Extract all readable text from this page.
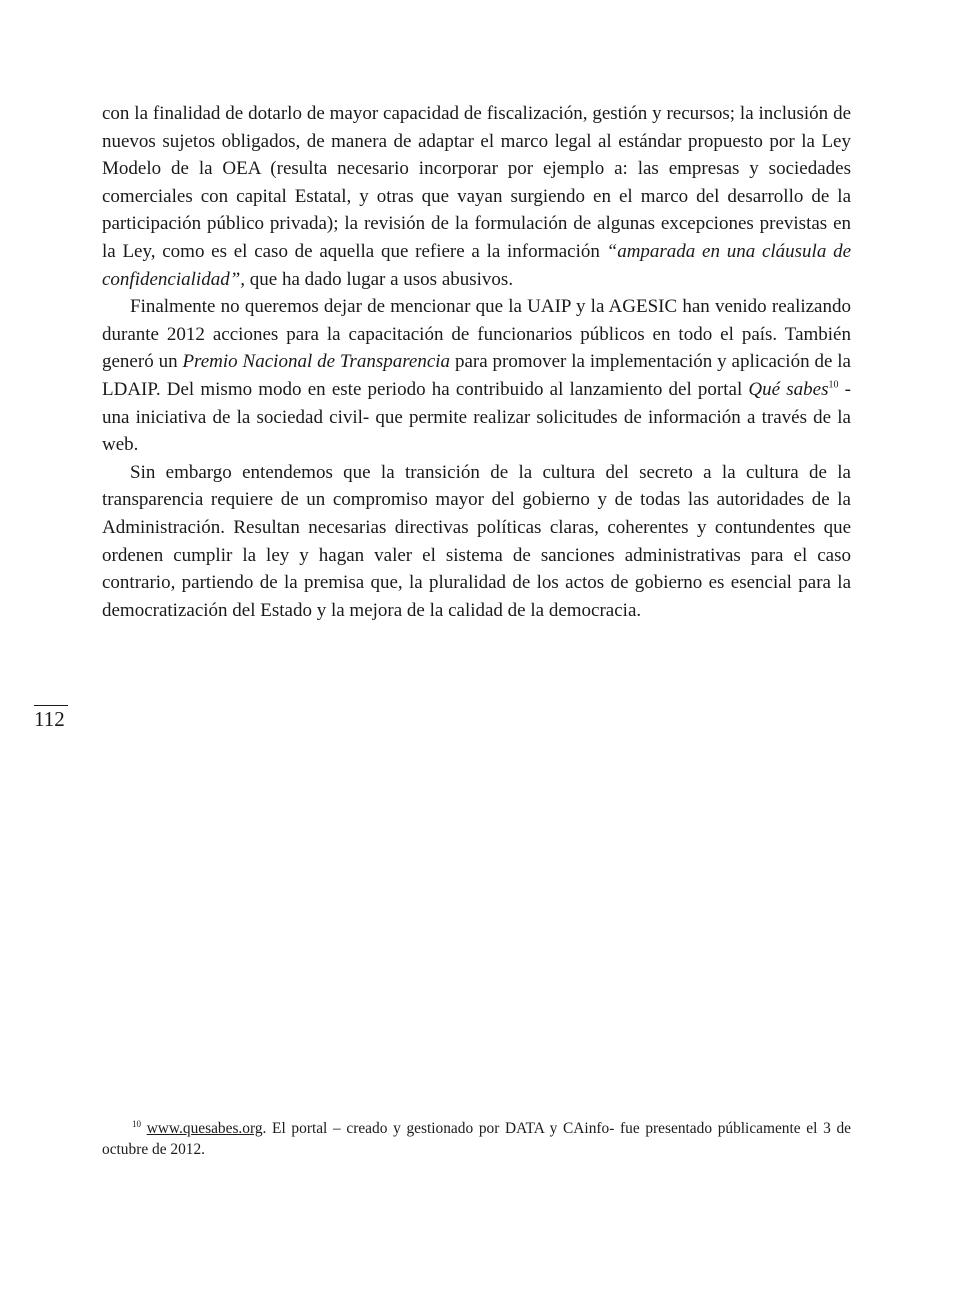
con la finalidad de dotarlo de mayor capacidad de fiscalización, gestión y recursos; la inclusión de nuevos sujetos obligados, de manera de adaptar el marco legal al estándar propuesto por la Ley Modelo de la OEA (resulta necesario incorporar por ejemplo a: las empresas y sociedades comerciales con capital Estatal, y otras que vayan surgiendo en el marco del desarrollo de la participación público privada); la revisión de la formulación de algunas excepciones previstas en la Ley, como es el caso de aquella que refiere a la información “amparada en una cláusula de confidencialidad”, que ha dado lugar a usos abusivos.

Finalmente no queremos dejar de mencionar que la UAIP y la AGESIC han venido realizando durante 2012 acciones para la capacitación de funcionarios públicos en todo el país. También generó un Premio Nacional de Transparencia para promover la implementación y aplicación de la LDAIP. Del mismo modo en este periodo ha contribuido al lanzamiento del portal Qué sabes$^{10}$ -una iniciativa de la sociedad civil- que permite realizar solicitudes de información a través de la web.

Sin embargo entendemos que la transición de la cultura del secreto a la cultura de la transparencia requiere de un compromiso mayor del gobierno y de todas las autoridades de la Administración. Resultan necesarias directivas políticas claras, coherentes y contundentes que ordenen cumplir la ley y hagan valer el sistema de sanciones administrativas para el caso contrario, partiendo de la premisa que, la pluralidad de los actos de gobierno es esencial para la democratización del Estado y la mejora de la calidad de la democracia.

112

$^{10}$ www.quesabes.org. El portal – creado y gestionado por DATA y CAinfo- fue presentado públicamente el 3 de octubre de 2012.
